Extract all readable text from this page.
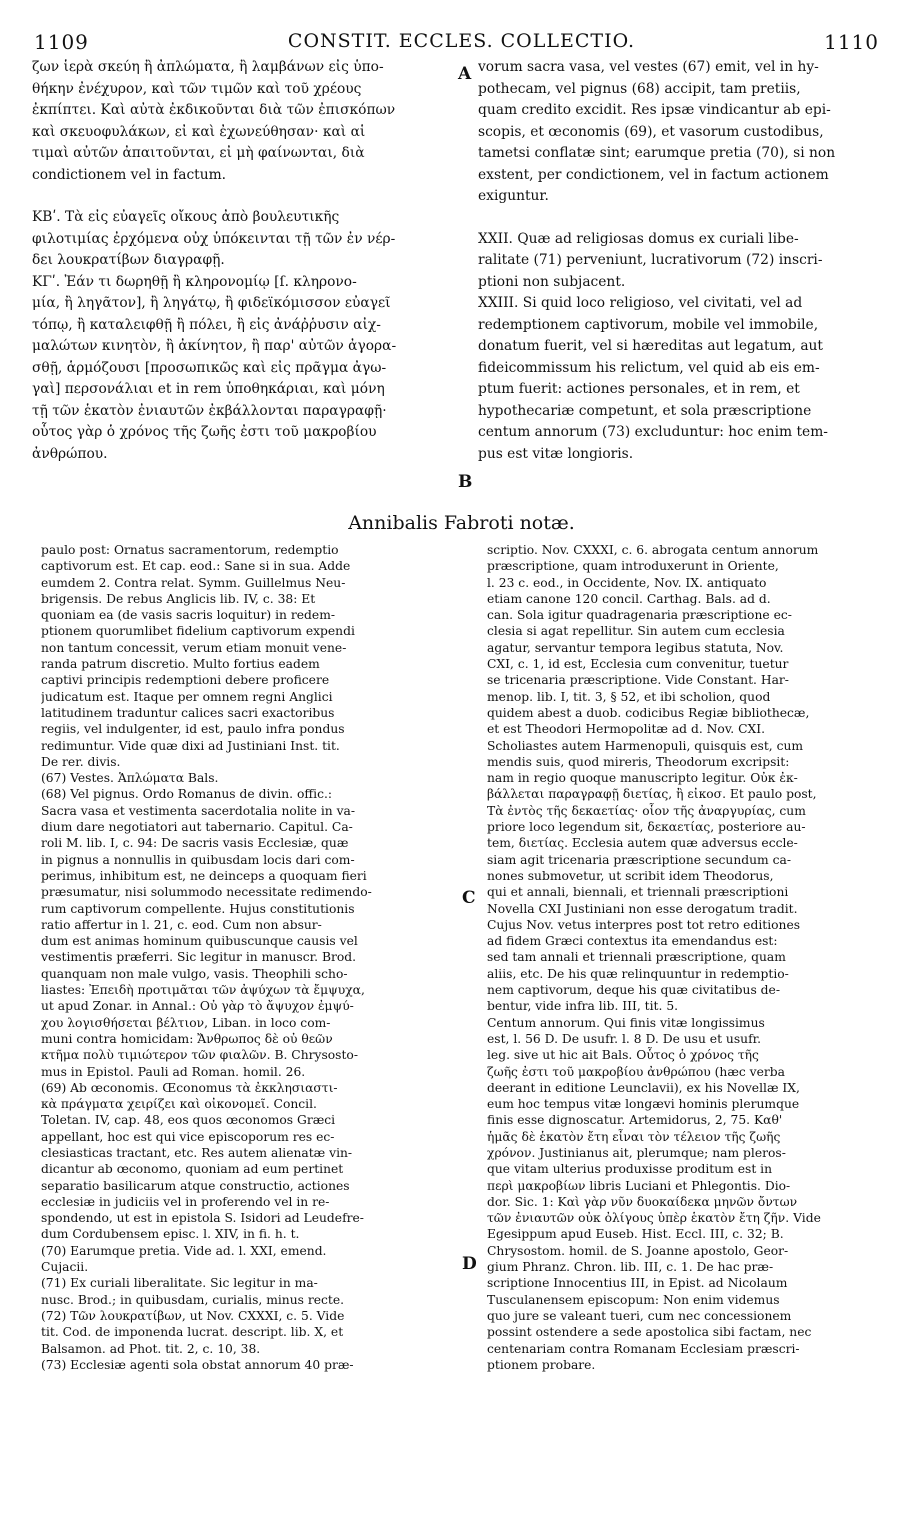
1109	CONSTIT. ECCLES. COLLECTIO.	1110

ζων ἱερὰ σκεύη ἢ ἀπλώματα, ἢ λαμβάνων εἰς ὑπο-

θήκην ἐνέχυρον, καὶ τῶν τιμῶν καὶ τοῦ χρέους

ἐκπίπτει. Καὶ αὐτὰ ἐκδικοῦνται διὰ τῶν ἐπισκόπων

καὶ σκευοφυλάκων, εἰ καὶ ἐχωνεύθησαν· καὶ αἱ

τιμαὶ αὐτῶν ἀπαιτοῦνται, εἰ μὴ φαίνωνται, διὰ

condictionem vel in factum.

ΚΒʹ. Τὰ εἰς εὐαγεῖς οἴκους ἀπὸ βουλευτικῆς

φιλοτιμίας ἐρχόμενα οὐχ ὑπόκεινται τῇ τῶν ἐν νέρ-

δει λουκρατίβων διαγραφῇ.

ΚΓʹ. Ἐάν τι δωρηθῇ ἢ κληρονομίῳ [ſ. κληρονο-

μία, ἢ ληγᾶτον], ἢ ληγάτῳ, ἢ φιδεϊκόμισσον εὐαγεῖ

τόπῳ, ἢ καταλειφθῇ ἢ πόλει, ἢ εἰς ἀνάῤῥυσιν αἰχ-

μαλώτων κινητὸν, ἢ ἀκίνητον, ἢ παρ' αὐτῶν ἀγορα-

σθῇ, ἁρμόζουσι [προσωπικῶς καὶ εἰς πρᾶγμα ἀγω-

γαὶ] περσονάλιαι et in rem ὑποθηκάριαι, καὶ μόνη

τῇ τῶν ἑκατὸν ἐνιαυτῶν ἐκβάλλονται παραγραφῇ·

οὗτος γὰρ ὁ χρόνος τῆς ζωῆς ἐστι τοῦ μακροβίου

ἀνθρώπου.

vorum sacra vasa, vel vestes (67) emit, vel in hy-

pothecam, vel pignus (68) accipit, tam pretiis,

quam credito excidit. Res ipsæ vindicantur ab epi-

scopis, et œconomis (69), et vasorum custodibus,

tametsi conflatæ sint; earumque pretia (70), si non

exstent, per condictionem, vel in factum actionem

exiguntur.

XXII. Quæ ad religiosas domus ex curiali libe-

ralitate (71) perveniunt, lucrativorum (72) inscri-

ptioni non subjacent.

XXIII. Si quid loco religioso, vel civitati, vel ad

redemptionem captivorum, mobile vel immobile,

donatum fuerit, vel si hæreditas aut legatum, aut

fideicommissum his relictum, vel quid ab eis em-

ptum fuerit: actiones personales, et in rem, et

hypothecariæ competunt, et sola præscriptione

centum annorum (73) excluduntur: hoc enim tem-

pus est vitæ longioris.

A
B
C
D
Annibalis Fabroti notæ.

paulo post: Ornatus sacramentorum, redemptio

captivorum est. Et cap. eod.: Sane si in sua. Adde

eumdem 2. Contra relat. Symm. Guillelmus Neu-

brigensis. De rebus Anglicis lib. IV, c. 38: Et

quoniam ea (de vasis sacris loquitur) in redem-

ptionem quorumlibet fidelium captivorum expendi

non tantum concessit, verum etiam monuit vene-

randa patrum discretio. Multo fortius eadem

captivi principis redemptioni debere proficere

judicatum est. Itaque per omnem regni Anglici

latitudinem traduntur calices sacri exactoribus

regiis, vel indulgenter, id est, paulo infra pondus

redimuntur. Vide quæ dixi ad Justiniani Inst. tit.

De rer. divis.

(67) Vestes. Ἁπλώματα Bals.

(68) Vel pignus. Ordo Romanus de divin. offic.:

Sacra vasa et vestimenta sacerdotalia nolite in va-

dium dare negotiatori aut tabernario. Capitul. Ca-

roli M. lib. I, c. 94: De sacris vasis Ecclesiæ, quæ

in pignus a nonnullis in quibusdam locis dari com-

perimus, inhibitum est, ne deinceps a quoquam fieri

præsumatur, nisi solummodo necessitate redimendo-

rum captivorum compellente. Hujus constitutionis

ratio affertur in l. 21, c. eod. Cum non absur-

dum est animas hominum quibuscunque causis vel

vestimentis præferri. Sic legitur in manuscr. Brod.

quanquam non male vulgo, vasis. Theophili scho-

liastes: Ἐπειδὴ προτιμᾶται τῶν ἀψύχων τὰ ἔμψυχα,

ut apud Zonar. in Annal.: Οὐ γὰρ τὸ ἄψυχον ἐμψύ-

χου λογισθήσεται βέλτιον, Liban. in loco com-

muni contra homicidam: Ἄνθρωπος δὲ οὐ θεῶν

κτῆμα πολὺ τιμιώτερον τῶν φιαλῶν. B. Chrysosto-

mus in Epistol. Pauli ad Roman. homil. 26.

(69) Ab œconomis. Œconomus τὰ ἐκκλησιαστι-

κὰ πράγματα χειρίζει καὶ οἰκονομεῖ. Concil.

Toletan. IV, cap. 48, eos quos œconomos Græci

appellant, hoc est qui vice episcoporum res ec-

clesiasticas tractant, etc. Res autem alienatæ vin-

dicantur ab œconomo, quoniam ad eum pertinet

separatio basilicarum atque constructio, actiones

ecclesiæ in judiciis vel in proferendo vel in re-

spondendo, ut est in epistola S. Isidori ad Leudefre-

dum Cordubensem episc. l. XIV, in fi. h. t.

(70) Earumque pretia. Vide ad. l. XXI, emend.

Cujacii.

(71) Ex curiali liberalitate. Sic legitur in ma-

nusc. Brod.; in quibusdam, curialis, minus recte.

(72) Τῶν λουκρατίβων, ut Nov. CXXXI, c. 5. Vide

tit. Cod. de imponenda lucrat. descript. lib. X, et

Balsamon. ad Phot. tit. 2, c. 10, 38.

(73) Ecclesiæ agenti sola obstat annorum 40 præ-

scriptio. Nov. CXXXI, c. 6. abrogata centum annorum

præscriptione, quam introduxerunt in Oriente,

l. 23 c. eod., in Occidente, Nov. IX. antiquato

etiam canone 120 concil. Carthag. Bals. ad d.

can. Sola igitur quadragenaria præscriptione ec-

clesia si agat repellitur. Sin autem cum ecclesia

agatur, servantur tempora legibus statuta, Nov.

CXI, c. 1, id est, Ecclesia cum convenitur, tuetur

se tricenaria præscriptione. Vide Constant. Har-

menop. lib. I, tit. 3, § 52, et ibi scholion, quod

quidem abest a duob. codicibus Regiæ bibliothecæ,

et est Theodori Hermopolitæ ad d. Nov. CXI.

Scholiastes autem Harmenopuli, quisquis est, cum

mendis suis, quod mireris, Theodorum excripsit:

nam in regio quoque manuscripto legitur. Οὐκ ἐκ-

βάλλεται παραγραφῇ διετίας, ἢ εἰκοσ. Et paulo post,

Τὰ ἐντὸς τῆς δεκαετίας· οἷον τῆς ἀναργυρίας, cum

priore loco legendum sit, δεκαετίας, posteriore au-

tem, διετίας. Ecclesia autem quæ adversus eccle-

siam agit tricenaria præscriptione secundum ca-

nones submovetur, ut scribit idem Theodorus,

qui et annali, biennali, et triennali præscriptioni

Novella CXI Justiniani non esse derogatum tradit.

Cujus Nov. vetus interpres post tot retro editiones

ad fidem Græci contextus ita emendandus est:

sed tam annali et triennali præscriptione, quam

aliis, etc. De his quæ relinquuntur in redemptio-

nem captivorum, deque his quæ civitatibus de-

bentur, vide infra lib. III, tit. 5.

Centum annorum. Qui finis vitæ longissimus

est, l. 56 D. De usufr. l. 8 D. De usu et usufr.

leg. sive ut hic ait Bals. Οὗτος ὁ χρόνος τῆς

ζωῆς ἐστι τοῦ μακροβίου ἀνθρώπου (hæc verba

deerant in editione Leunclavii), ex his Novellæ IX,

eum hoc tempus vitæ longævi hominis plerumque

finis esse dignoscatur. Artemidorus, 2, 75. Καθ'

ἡμᾶς δὲ ἑκατὸν ἔτη εἶναι τὸν τέλειον τῆς ζωῆς

χρόνον. Justinianus ait, plerumque; nam pleros-

que vitam ulterius produxisse proditum est in

περὶ μακροβίων libris Luciani et Phlegontis. Dio-

dor. Sic. 1: Καὶ γὰρ νῦν δυοκαίδεκα μηνῶν ὄντων

τῶν ἐνιαυτῶν οὐκ ὀλίγους ὑπὲρ ἑκατὸν ἔτη ζῆν. Vide

Egesippum apud Euseb. Hist. Eccl. III, c. 32; B.

Chrysostom. homil. de S. Joanne apostolo, Geor-

gium Phranz. Chron. lib. III, c. 1. De hac præ-

scriptione Innocentius III, in Epist. ad Nicolaum

Tusculanensem episcopum: Non enim videmus

quo jure se valeant tueri, cum nec concessionem

possint ostendere a sede apostolica sibi factam, nec

centenariam contra Romanam Ecclesiam præscri-

ptionem probare.
